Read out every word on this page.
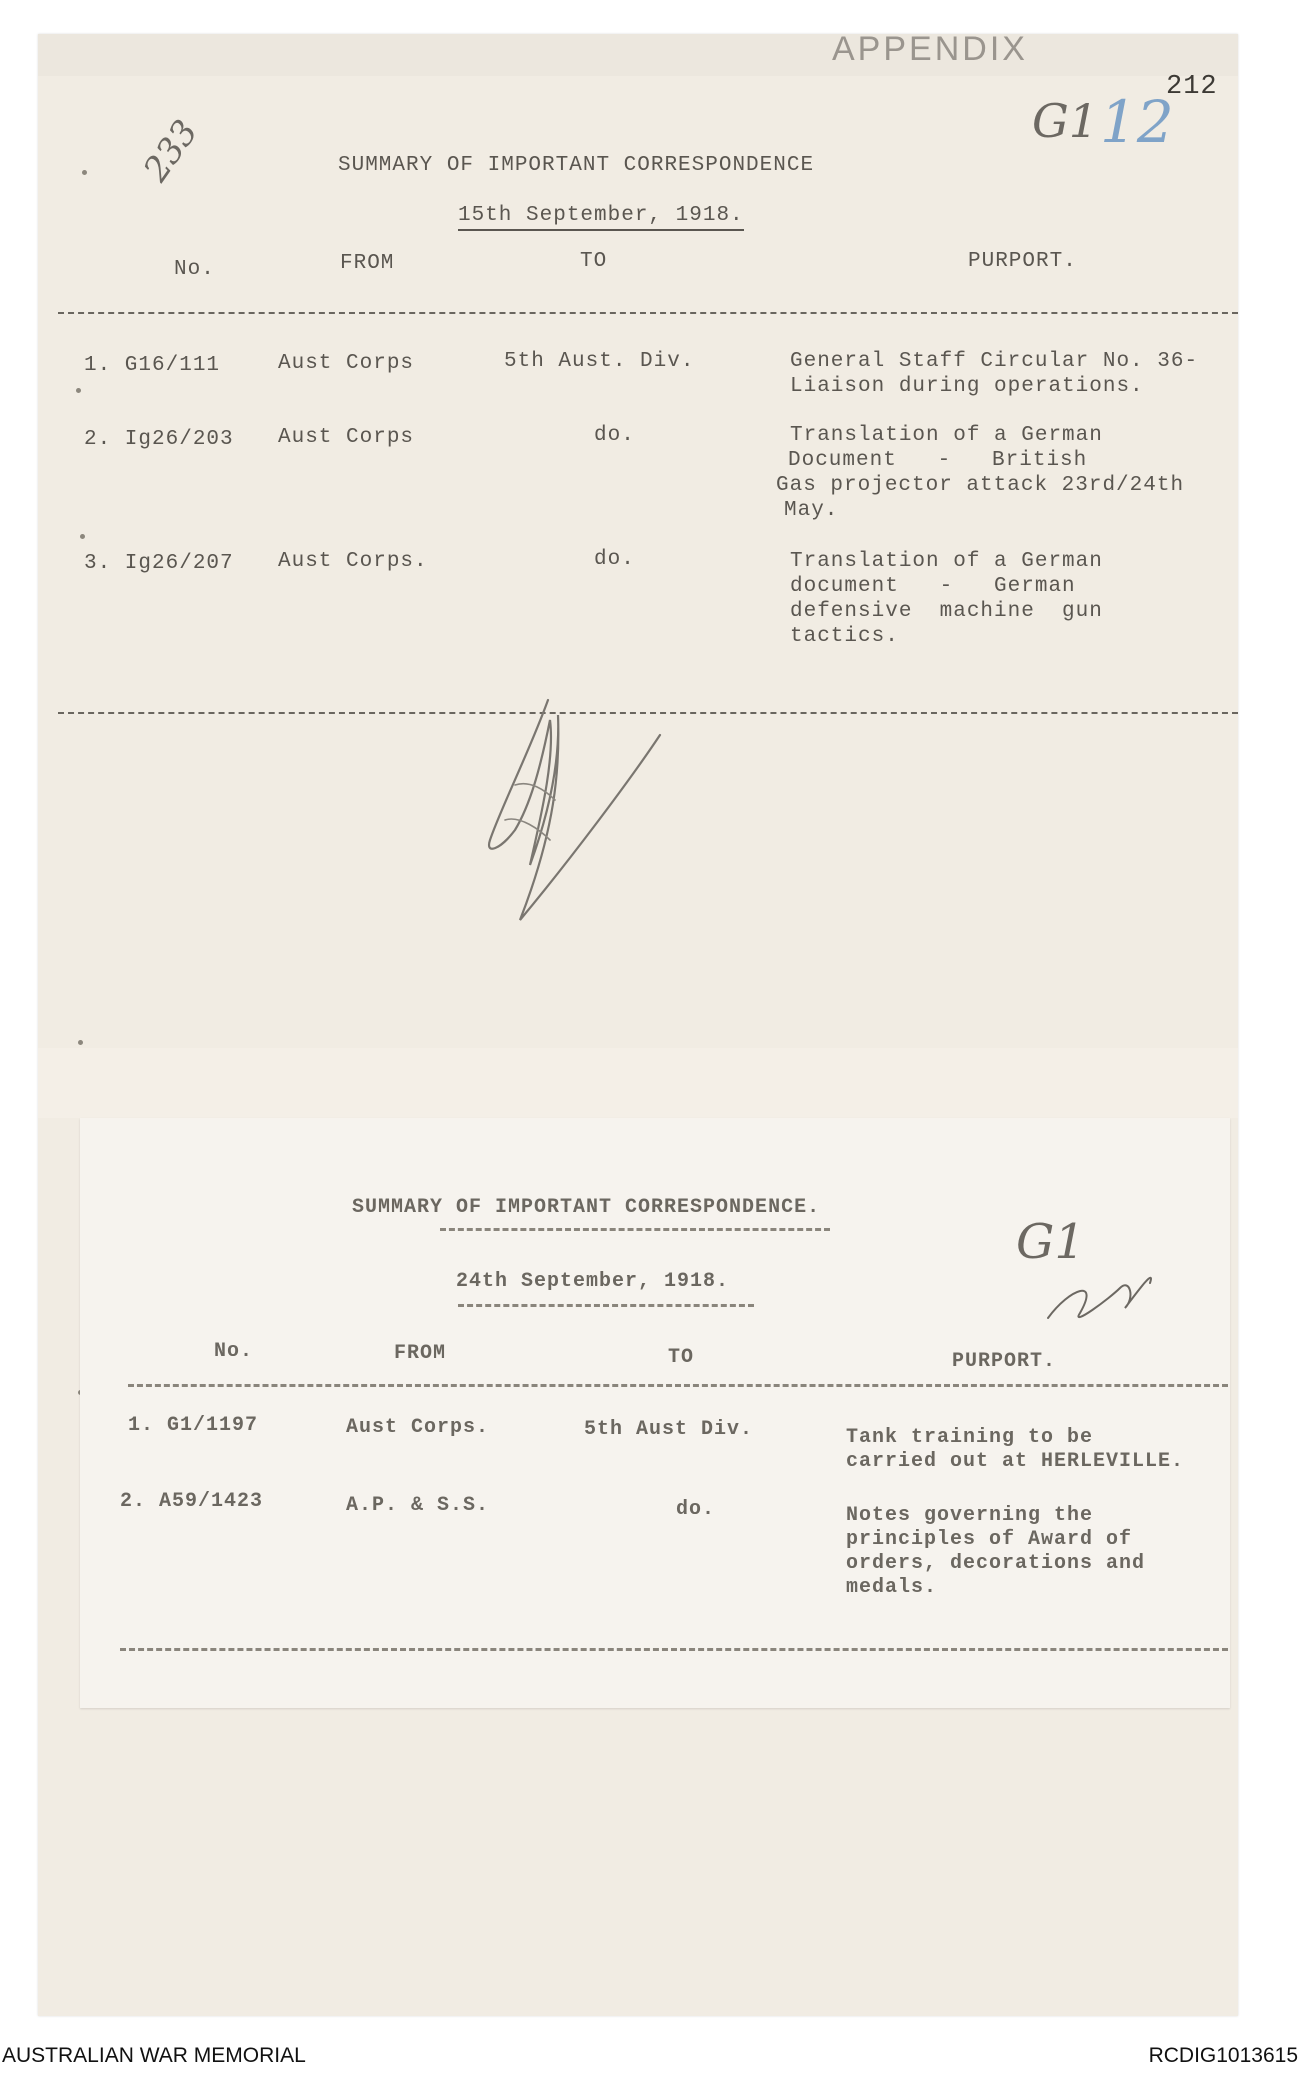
APPENDIX
212
G1 12
233	SUMMARY OF IMPORTANT CORRESPONDENCE
15th September, 1918.
No.	FROM	TO	PURPORT.
1. G16/111	Aust Corps	5th Aust. Div.	General Staff Circular No. 36-
Liaison during operations.
2. Ig26/203 Aust Corps	do.	Translation of a German
Document   -   British
Gas projector attack 23rd/24th
May.
3. Ig26/207 Aust Corps.	do.	Translation of a German
document   -   German
defensive  machine  gun
tactics.
SUMMARY OF IMPORTANT CORRESPONDENCE.
24th September, 1918.
G1
No.	FROM	TO	PURPORT.
1. G1/1197	Aust Corps.	5th Aust Div.	Tank training to be
carried out at HERLEVILLE.
2. A59/1423	A.P. & S.S.	do.	Notes governing the
principles of Award of
orders, decorations and
medals.
AUSTRALIAN WAR MEMORIAL	RCDIG1013615
